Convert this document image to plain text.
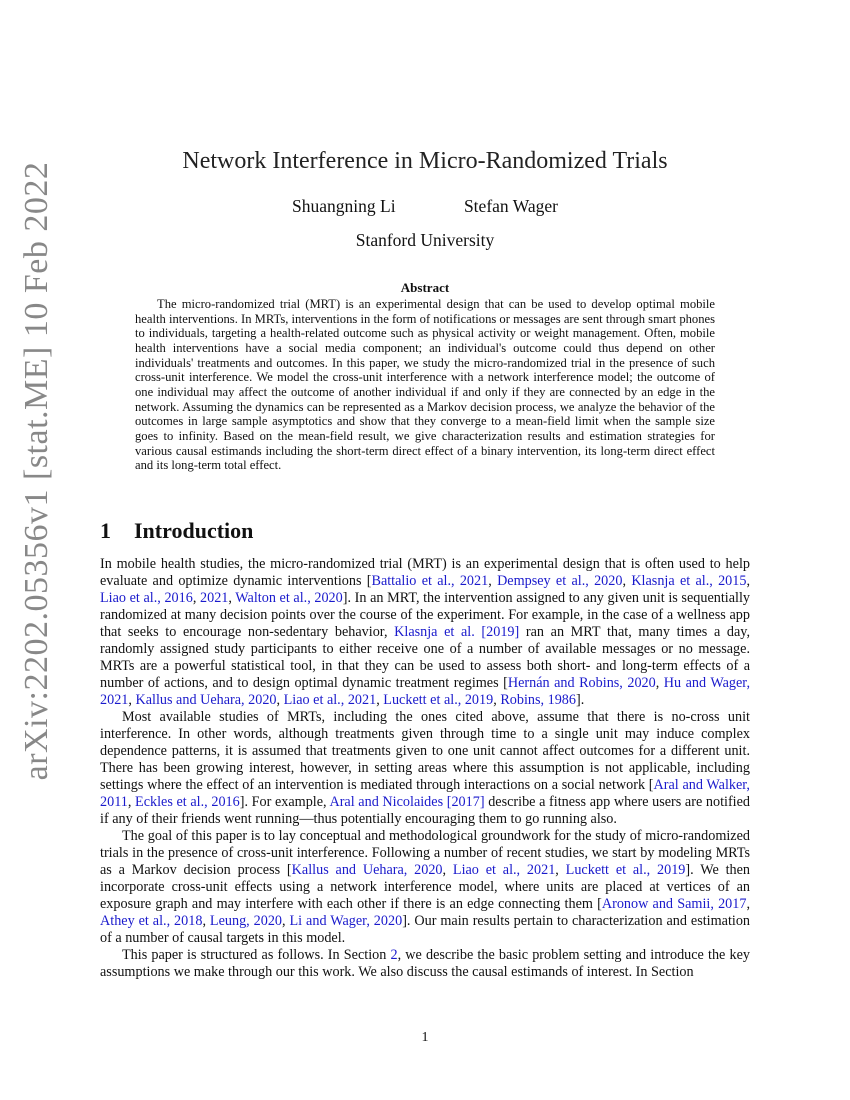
arXiv:2202.05356v1 [stat.ME] 10 Feb 2022
Network Interference in Micro-Randomized Trials
Shuangning Li	Stefan Wager
Stanford University
Abstract

The micro-randomized trial (MRT) is an experimental design that can be used to develop optimal mobile health interventions. In MRTs, interventions in the form of notifications or messages are sent through smart phones to individuals, targeting a health-related outcome such as physical activity or weight management. Often, mobile health interventions have a social media component; an individual's outcome could thus depend on other individuals' treatments and outcomes. In this paper, we study the micro-randomized trial in the presence of such cross-unit interference. We model the cross-unit interference with a network interference model; the outcome of one individual may affect the outcome of another individual if and only if they are connected by an edge in the network. Assuming the dynamics can be represented as a Markov decision process, we analyze the behavior of the outcomes in large sample asymptotics and show that they converge to a mean-field limit when the sample size goes to infinity. Based on the mean-field result, we give characterization results and estimation strategies for various causal estimands including the short-term direct effect of a binary intervention, its long-term direct effect and its long-term total effect.

1 Introduction

In mobile health studies, the micro-randomized trial (MRT) is an experimental design that is often used to help evaluate and optimize dynamic interventions [Battalio et al., 2021, Dempsey et al., 2020, Klasnja et al., 2015, Liao et al., 2016, 2021, Walton et al., 2020]. In an MRT, the intervention assigned to any given unit is sequentially randomized at many decision points over the course of the experiment. For example, in the case of a wellness app that seeks to encourage non-sedentary behavior, Klasnja et al. [2019] ran an MRT that, many times a day, randomly assigned study participants to either receive one of a number of available messages or no message. MRTs are a powerful statistical tool, in that they can be used to assess both short- and long-term effects of a number of actions, and to design optimal dynamic treatment regimes [Hernán and Robins, 2020, Hu and Wager, 2021, Kallus and Uehara, 2020, Liao et al., 2021, Luckett et al., 2019, Robins, 1986].

Most available studies of MRTs, including the ones cited above, assume that there is no-cross unit interference. In other words, although treatments given through time to a single unit may induce complex dependence patterns, it is assumed that treatments given to one unit cannot affect outcomes for a different unit. There has been growing interest, however, in setting areas where this assumption is not applicable, including settings where the effect of an intervention is mediated through interactions on a social network [Aral and Walker, 2011, Eckles et al., 2016]. For example, Aral and Nicolaides [2017] describe a fitness app where users are notified if any of their friends went running—thus potentially encouraging them to go running also.

The goal of this paper is to lay conceptual and methodological groundwork for the study of micro-randomized trials in the presence of cross-unit interference. Following a number of recent studies, we start by modeling MRTs as a Markov decision process [Kallus and Uehara, 2020, Liao et al., 2021, Luckett et al., 2019]. We then incorporate cross-unit effects using a network interference model, where units are placed at vertices of an exposure graph and may interfere with each other if there is an edge connecting them [Aronow and Samii, 2017, Athey et al., 2018, Leung, 2020, Li and Wager, 2020]. Our main results pertain to characterization and estimation of a number of causal targets in this model.

This paper is structured as follows. In Section 2, we describe the basic problem setting and introduce the key assumptions we make through our this work. We also discuss the causal estimands of interest. In Section

1
